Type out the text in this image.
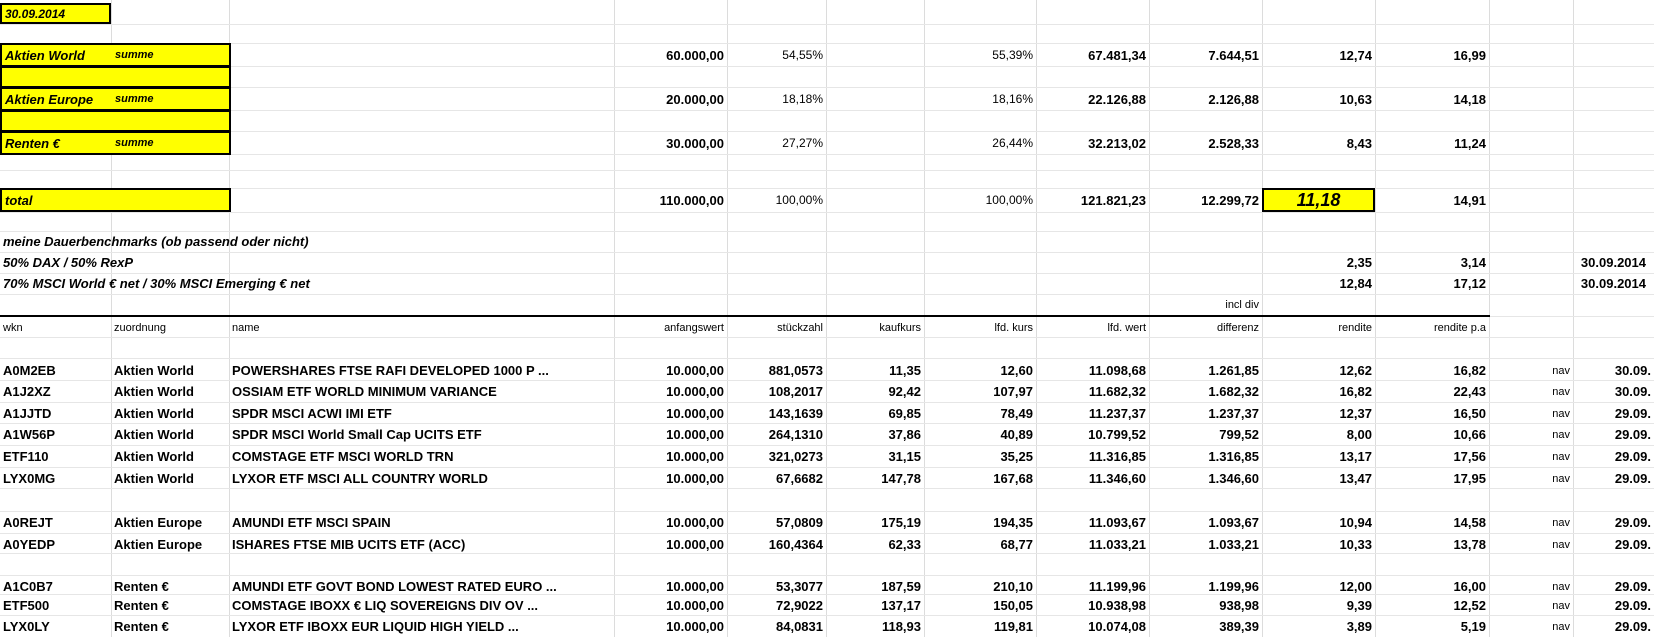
30.09.2014
Aktien World	summe	60.000,00	54,55%	55,39%	67.481,34	7.644,51	12,74	16,99
Aktien Europe summe	20.000,00	18,18%	18,16%	22.126,88	2.126,88	10,63	14,18
Renten €	summe	30.000,00	27,27%	26,44%	32.213,02	2.528,33	8,43	11,24
total	110.000,00	100,00%	100,00%	121.821,23	12.299,72	11,18	14,91
meine Dauerbenchmarks (ob passend oder nicht)
50% DAX / 50% RexP	2,35	3,14	30.09.2014
70% MSCI World € net / 30% MSCI Emerging € net	12,84	17,12	30.09.2014
incl div
wkn	zuordnung	name	anfangswert	stückzahl	kaufkurs	lfd. kurs	lfd. wert	differenz	rendite	rendite p.a
A0M2EB	Aktien World	POWERSHARES FTSE RAFI DEVELOPED 1000 P ...	10.000,00	881,0573	11,35	12,60	11.098,68	1.261,85	12,62	16,82	nav	30.09.
A1J2XZ	Aktien World	OSSIAM ETF WORLD MINIMUM VARIANCE	10.000,00	108,2017	92,42	107,97	11.682,32	1.682,32	16,82	22,43	nav	30.09.
A1JJTD	Aktien World	SPDR MSCI ACWI IMI ETF	10.000,00	143,1639	69,85	78,49	11.237,37	1.237,37	12,37	16,50	nav	29.09.
A1W56P	Aktien World	SPDR MSCI World Small Cap UCITS ETF	10.000,00	264,1310	37,86	40,89	10.799,52	799,52	8,00	10,66	nav	29.09.
ETF110	Aktien World	COMSTAGE ETF MSCI WORLD TRN	10.000,00	321,0273	31,15	35,25	11.316,85	1.316,85	13,17	17,56	nav	29.09.
LYX0MG	Aktien World	LYXOR ETF MSCI ALL COUNTRY WORLD	10.000,00	67,6682	147,78	167,68	11.346,60	1.346,60	13,47	17,95	nav	29.09.
A0REJT	Aktien Europe	AMUNDI ETF MSCI SPAIN	10.000,00	57,0809	175,19	194,35	11.093,67	1.093,67	10,94	14,58	nav	29.09.
A0YEDP	Aktien Europe	ISHARES FTSE MIB UCITS ETF (ACC)	10.000,00	160,4364	62,33	68,77	11.033,21	1.033,21	10,33	13,78	nav	29.09.
A1C0B7	Renten €	AMUNDI ETF GOVT BOND LOWEST RATED EURO ...	10.000,00	53,3077	187,59	210,10	11.199,96	1.199,96	12,00	16,00	nav	29.09.
ETF500	Renten €	COMSTAGE IBOXX € LIQ SOVEREIGNS DIV OV ...	10.000,00	72,9022	137,17	150,05	10.938,98	938,98	9,39	12,52	nav	29.09.
LYX0LY	Renten €	LYXOR ETF IBOXX EUR LIQUID HIGH YIELD ...	10.000,00	84,0831	118,93	119,81	10.074,08	389,39	3,89	5,19	nav	29.09.
